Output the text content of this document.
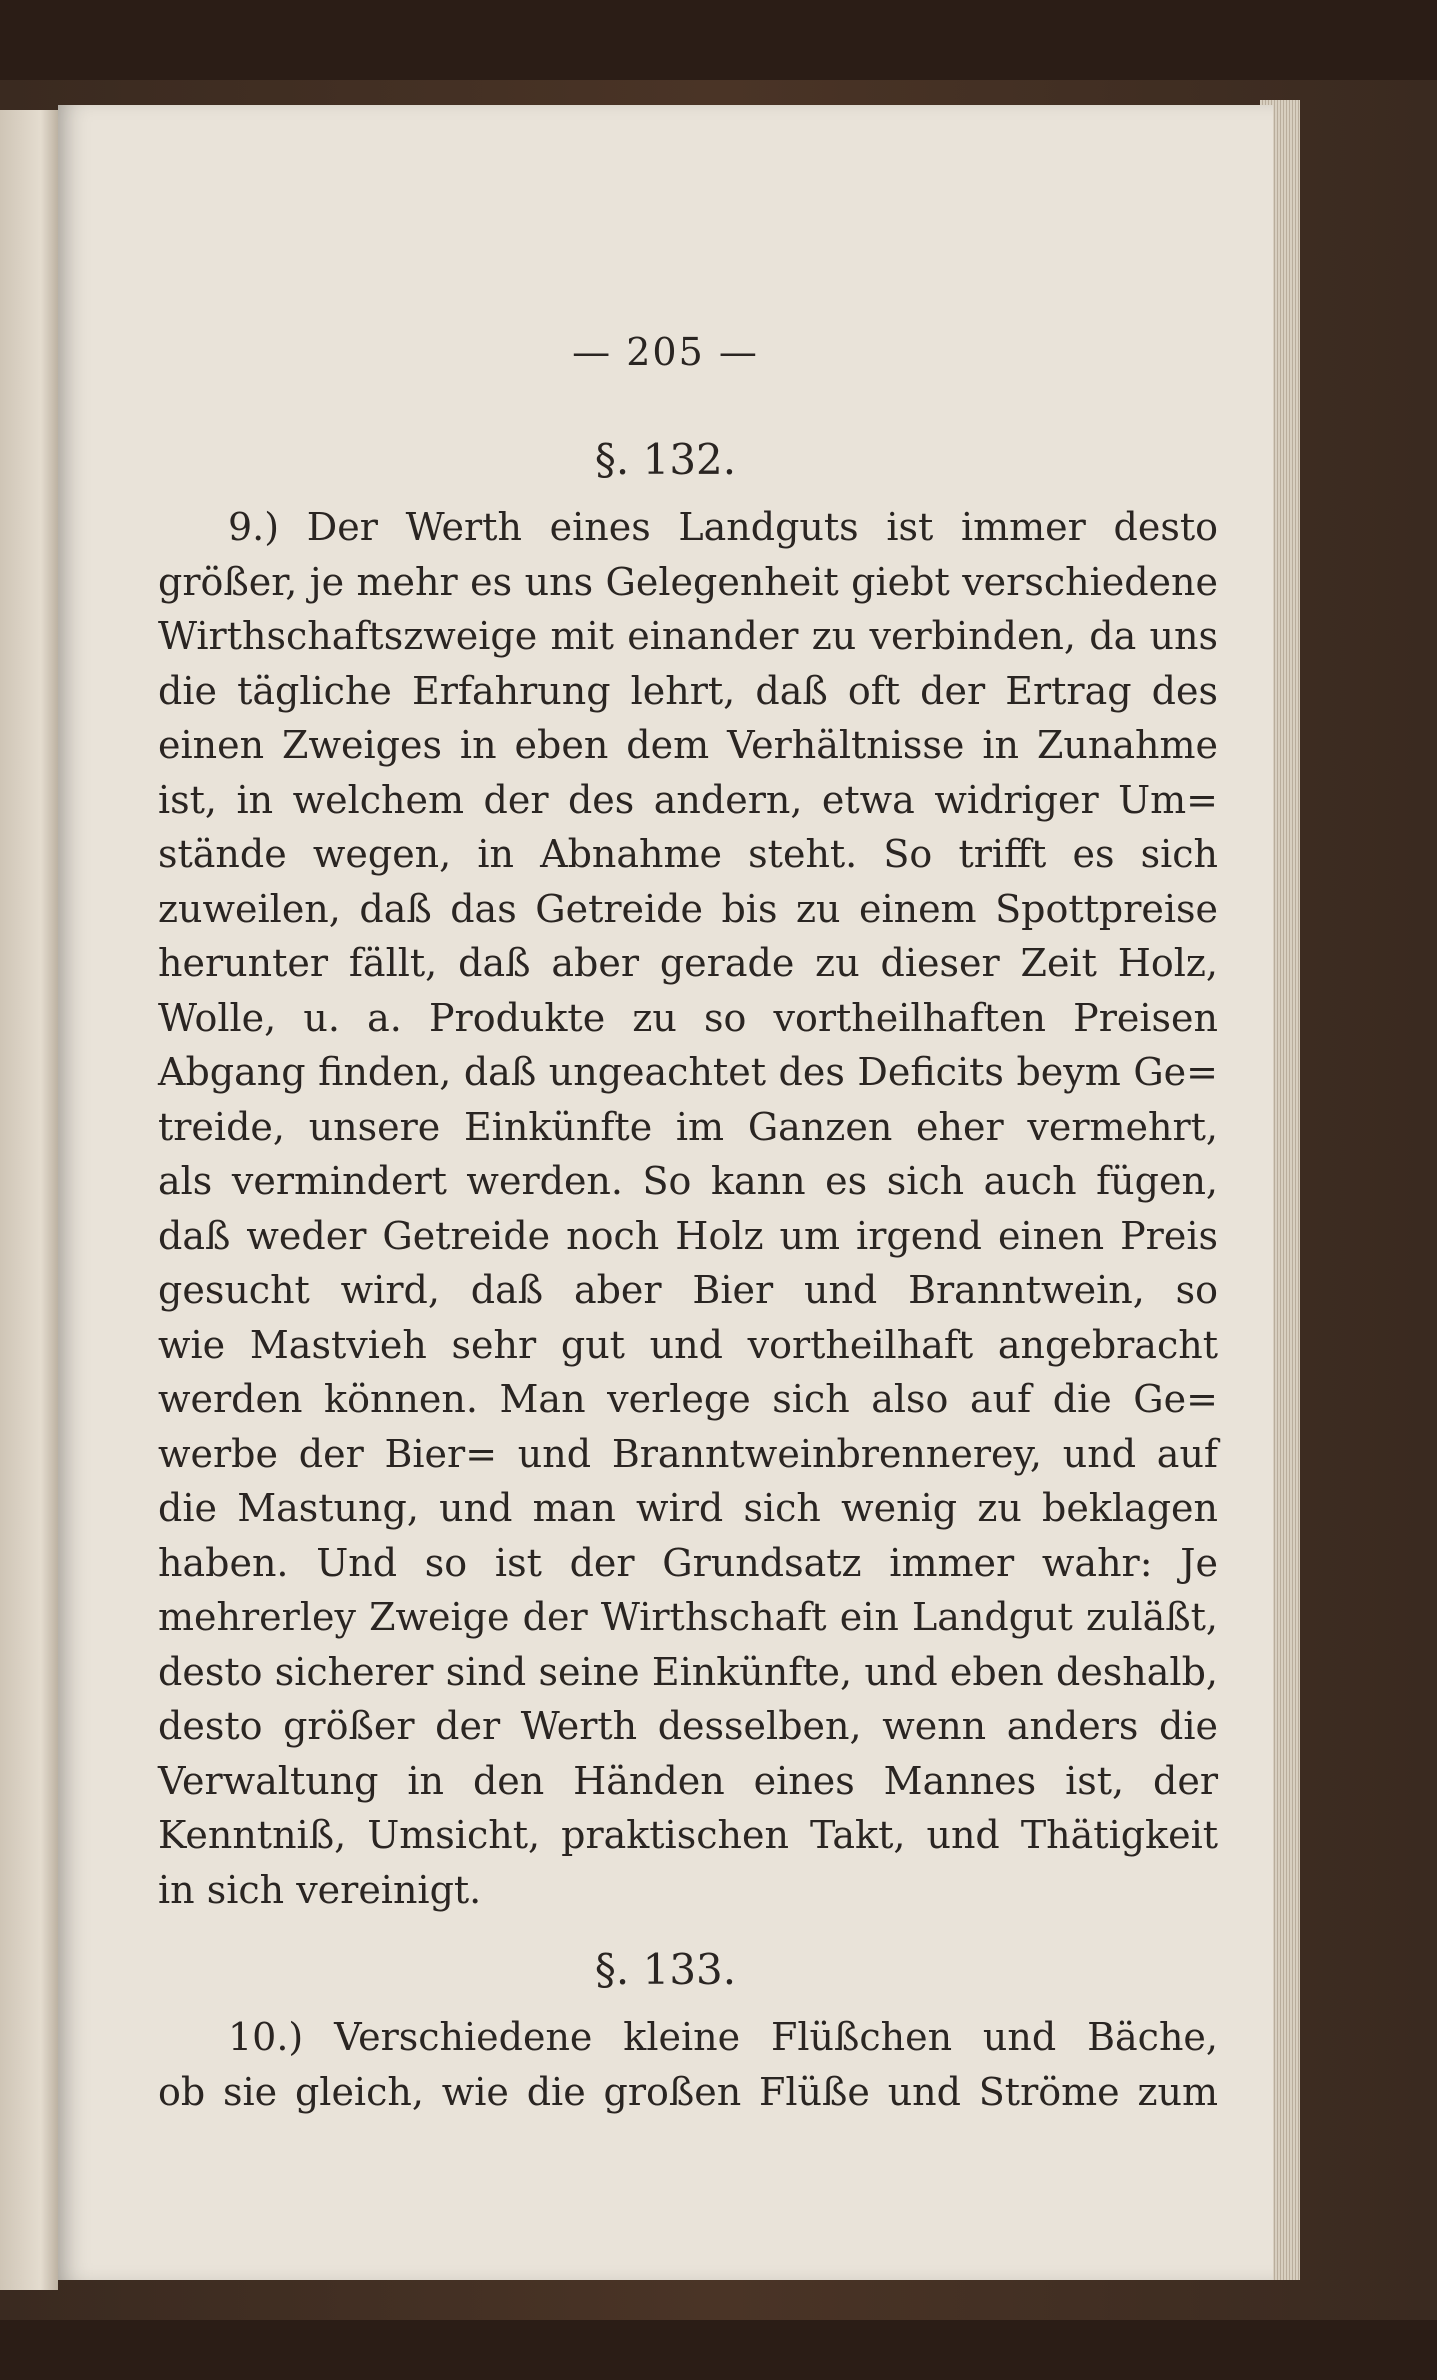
— 205 —
§. 132.
9.) Der Werth eines Landguts ist immer desto
größer, je mehr es uns Gelegenheit giebt verschiedene
Wirthschaftszweige mit einander zu verbinden, da uns
die tägliche Erfahrung lehrt, daß oft der Ertrag des
einen Zweiges in eben dem Verhältnisse in Zunahme
ist, in welchem der des andern, etwa widriger Um=
stände wegen, in Abnahme steht. So trifft es sich
zuweilen, daß das Getreide bis zu einem Spottpreise
herunter fällt, daß aber gerade zu dieser Zeit Holz,
Wolle, u. a. Produkte zu so vortheilhaften Preisen
Abgang finden, daß ungeachtet des Deficits beym Ge=
treide, unsere Einkünfte im Ganzen eher vermehrt,
als vermindert werden. So kann es sich auch fügen,
daß weder Getreide noch Holz um irgend einen Preis
gesucht wird, daß aber Bier und Branntwein, so
wie Mastvieh sehr gut und vortheilhaft angebracht
werden können. Man verlege sich also auf die Ge=
werbe der Bier= und Branntweinbrennerey, und auf
die Mastung, und man wird sich wenig zu beklagen
haben. Und so ist der Grundsatz immer wahr: Je
mehrerley Zweige der Wirthschaft ein Landgut zuläßt,
desto sicherer sind seine Einkünfte, und eben deshalb,
desto größer der Werth desselben, wenn anders die
Verwaltung in den Händen eines Mannes ist, der
Kenntniß, Umsicht, praktischen Takt, und Thätigkeit
in sich vereinigt.
§. 133.
10.) Verschiedene kleine Flüßchen und Bäche,
ob sie gleich, wie die großen Flüße und Ströme zum
